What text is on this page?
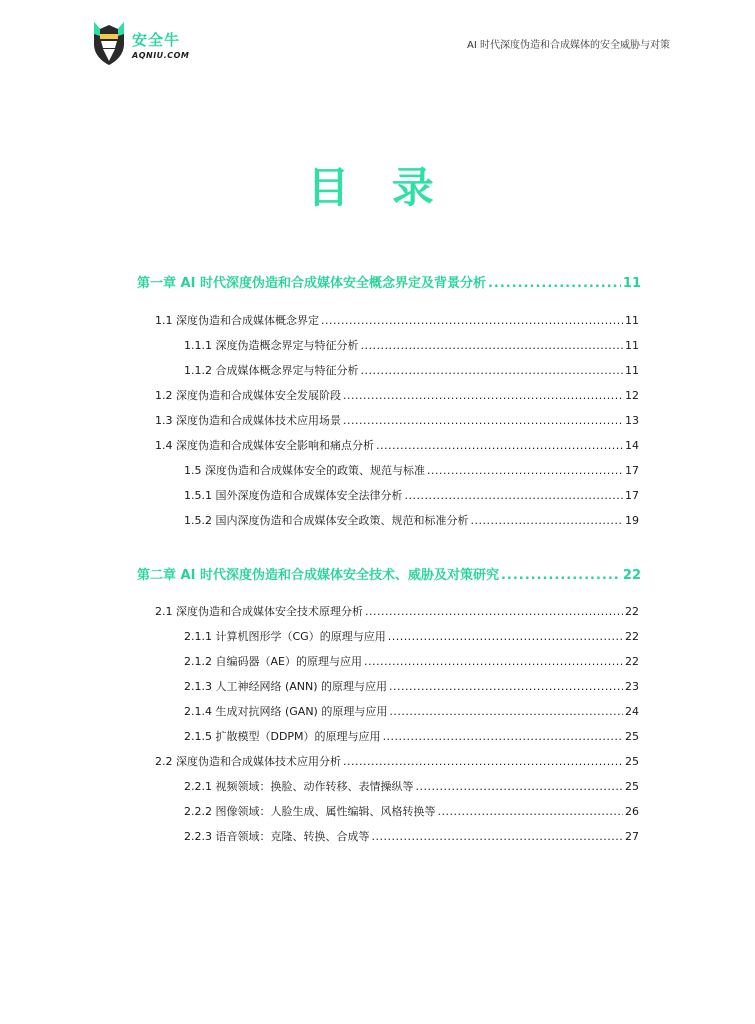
安全牛
AQNIU.COM
AI 时代深度伪造和合成媒体的安全威胁与对策
目 录
第一章 AI 时代深度伪造和合成媒体安全概念界定及背景分析 .....	11
1.1 深度伪造和合成媒体概念界定 .....	11
1.1.1 深度伪造概念界定与特征分析 .....	11
1.1.2 合成媒体概念界定与特征分析 .....	11
1.2 深度伪造和合成媒体安全发展阶段 .....	12
1.3 深度伪造和合成媒体技术应用场景 .....	13
1.4 深度伪造和合成媒体安全影响和痛点分析 .....	14
1.5 深度伪造和合成媒体安全的政策、规范与标准 .....	17
1.5.1 国外深度伪造和合成媒体安全法律分析 .....	17
1.5.2 国内深度伪造和合成媒体安全政策、规范和标准分析 .....	19
第二章 AI 时代深度伪造和合成媒体安全技术、威胁及对策研究 .....	22
2.1 深度伪造和合成媒体安全技术原理分析 .....	22
2.1.1 计算机图形学（CG）的原理与应用 .....	22
2.1.2 自编码器（AE）的原理与应用 .....	22
2.1.3 人工神经网络 (ANN) 的原理与应用 .....	23
2.1.4 生成对抗网络 (GAN) 的原理与应用 .....	24
2.1.5 扩散模型（DDPM）的原理与应用 .....	25
2.2 深度伪造和合成媒体技术应用分析 .....	25
2.2.1 视频领域：换脸、动作转移、表情操纵等 .....	25
2.2.2 图像领域：人脸生成、属性编辑、风格转换等 .....	26
2.2.3 语音领域：克隆、转换、合成等 .....	27
